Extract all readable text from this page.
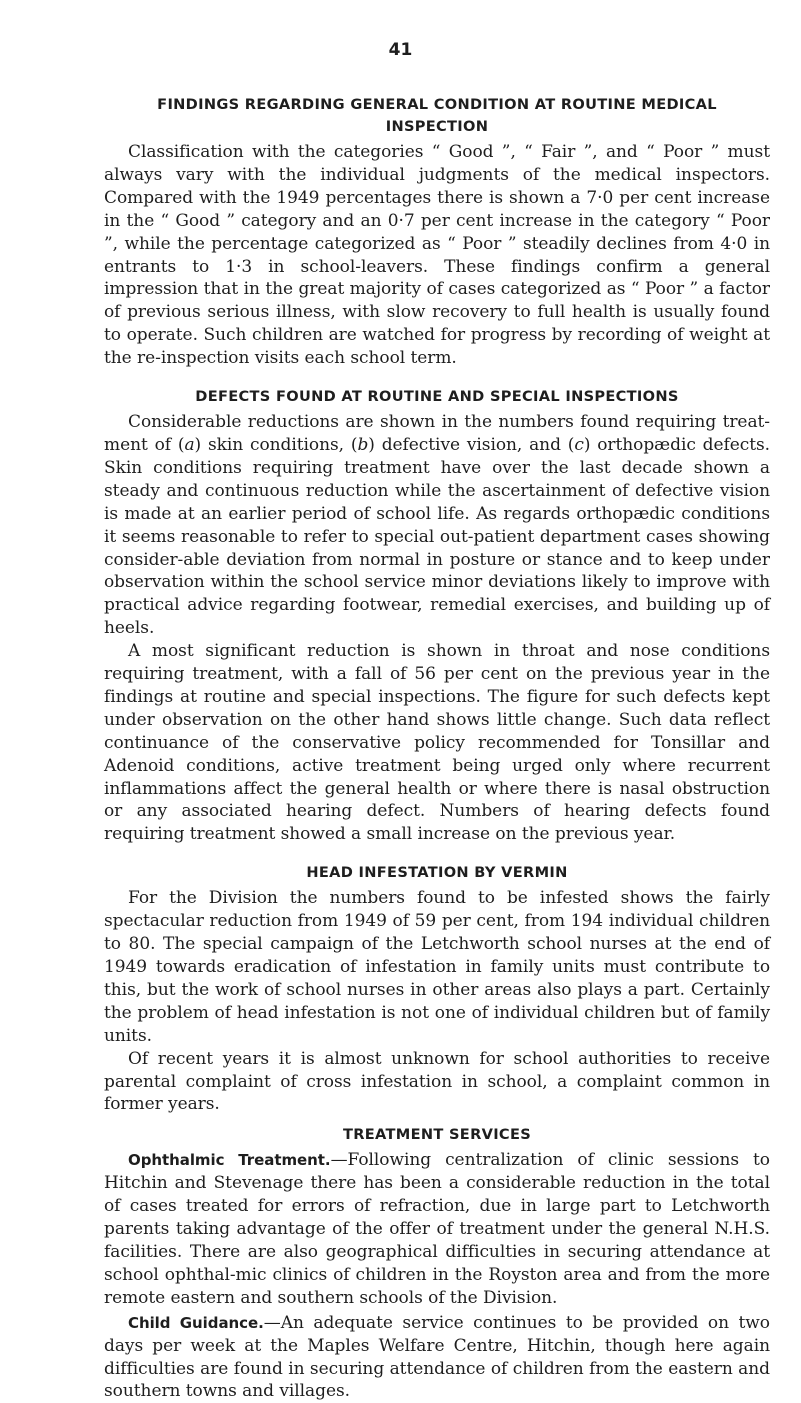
41
FINDINGS REGARDING GENERAL CONDITION AT ROUTINE MEDICAL INSPECTION

Classification with the categories “ Good ”, “ Fair ”, and “ Poor ” must always vary with the individual judgments of the medical inspectors. Compared with the 1949 percentages there is shown a 7·0 per cent increase in the “ Good ” category and an 0·7 per cent increase in the category “ Poor ”, while the percentage categorized as “ Poor ” steadily declines from 4·0 in entrants to 1·3 in school-leavers. These findings confirm a general impression that in the great majority of cases categorized as “ Poor ” a factor of previous serious illness, with slow recovery to full health is usually found to operate. Such children are watched for progress by recording of weight at the re-inspection visits each school term.

DEFECTS FOUND AT ROUTINE AND SPECIAL INSPECTIONS

Considerable reductions are shown in the numbers found requiring treat-ment of (a) skin conditions, (b) defective vision, and (c) orthopædic defects. Skin conditions requiring treatment have over the last decade shown a steady and continuous reduction while the ascertainment of defective vision is made at an earlier period of school life. As regards orthopædic conditions it seems reasonable to refer to special out-patient department cases showing consider-able deviation from normal in posture or stance and to keep under observation within the school service minor deviations likely to improve with practical advice regarding footwear, remedial exercises, and building up of heels.

A most significant reduction is shown in throat and nose conditions requiring treatment, with a fall of 56 per cent on the previous year in the findings at routine and special inspections. The figure for such defects kept under observation on the other hand shows little change. Such data reflect continuance of the conservative policy recommended for Tonsillar and Adenoid conditions, active treatment being urged only where recurrent inflammations affect the general health or where there is nasal obstruction or any associated hearing defect. Numbers of hearing defects found requiring treatment showed a small increase on the previous year.

HEAD INFESTATION BY VERMIN

For the Division the numbers found to be infested shows the fairly spectacular reduction from 1949 of 59 per cent, from 194 individual children to 80. The special campaign of the Letchworth school nurses at the end of 1949 towards eradication of infestation in family units must contribute to this, but the work of school nurses in other areas also plays a part. Certainly the problem of head infestation is not one of individual children but of family units.

Of recent years it is almost unknown for school authorities to receive parental complaint of cross infestation in school, a complaint common in former years.

TREATMENT SERVICES

Ophthalmic Treatment.—Following centralization of clinic sessions to Hitchin and Stevenage there has been a considerable reduction in the total of cases treated for errors of refraction, due in large part to Letchworth parents taking advantage of the offer of treatment under the general N.H.S. facilities. There are also geographical difficulties in securing attendance at school ophthal-mic clinics of children in the Royston area and from the more remote eastern and southern schools of the Division.

Child Guidance.—An adequate service continues to be provided on two days per week at the Maples Welfare Centre, Hitchin, though here again difficulties are found in securing attendance of children from the eastern and southern towns and villages.
